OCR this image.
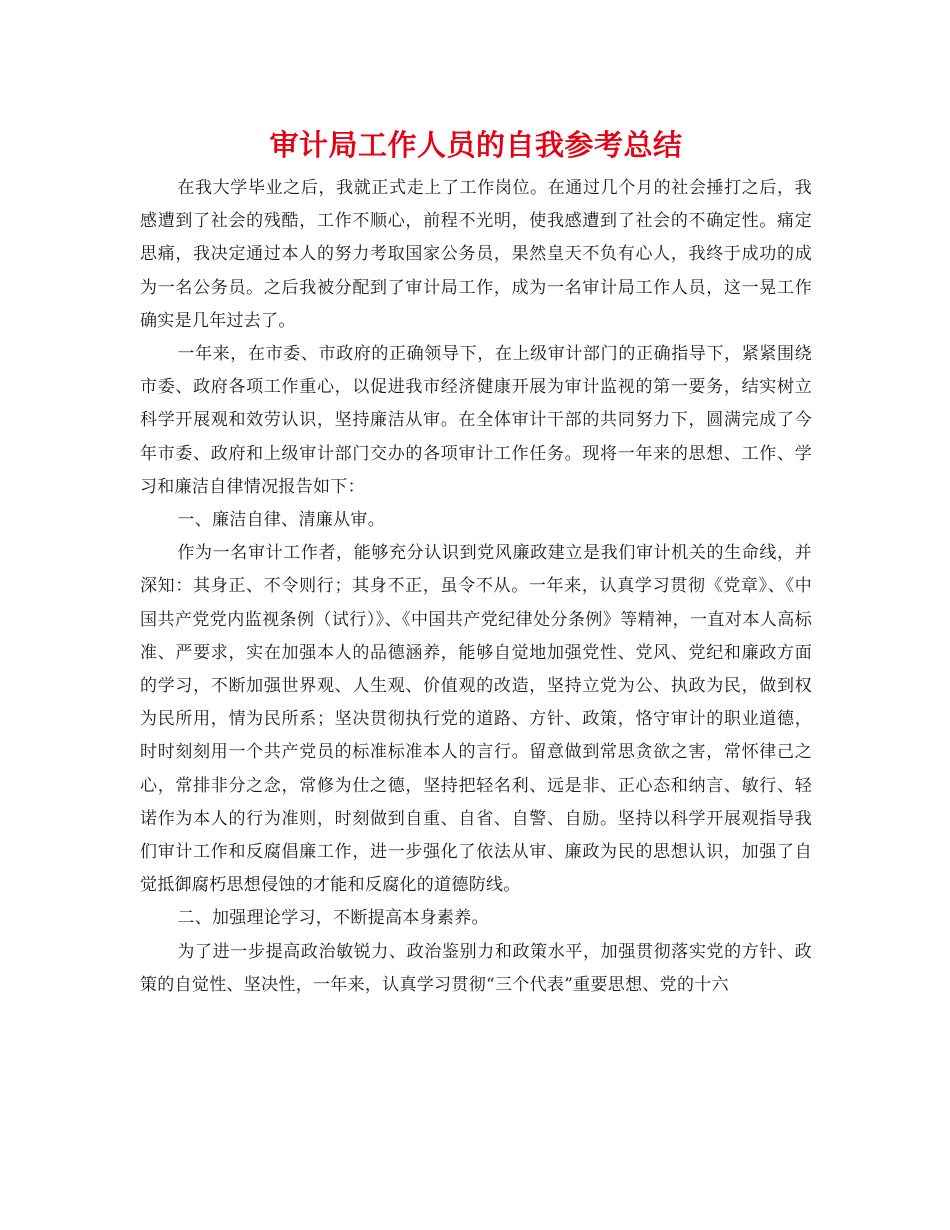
审计局工作人员的自我参考总结

在我大学毕业之后，我就正式走上了工作岗位。在通过几个月的社会捶打之后，我感遭到了社会的残酷，工作不顺心，前程不光明，使我感遭到了社会的不确定性。痛定思痛，我决定通过本人的努力考取国家公务员，果然皇天不负有心人，我终于成功的成为一名公务员。之后我被分配到了审计局工作，成为一名审计局工作人员，这一晃工作确实是几年过去了。

一年来，在市委、市政府的正确领导下，在上级审计部门的正确指导下，紧紧围绕市委、政府各项工作重心，以促进我市经济健康开展为审计监视的第一要务，结实树立科学开展观和效劳认识，坚持廉洁从审。在全体审计干部的共同努力下，圆满完成了今年市委、政府和上级审计部门交办的各项审计工作任务。现将一年来的思想、工作、学习和廉洁自律情况报告如下：

一、廉洁自律、清廉从审。

作为一名审计工作者，能够充分认识到党风廉政建立是我们审计机关的生命线，并深知：其身正、不令则行；其身不正，虽令不从。一年来，认真学习贯彻《党章》、《中国共产党党内监视条例（试行）》、《中国共产党纪律处分条例》等精神，一直对本人高标准、严要求，实在加强本人的品德涵养，能够自觉地加强党性、党风、党纪和廉政方面的学习，不断加强世界观、人生观、价值观的改造，坚持立党为公、执政为民，做到权为民所用，情为民所系；坚决贯彻执行党的道路、方针、政策，恪守审计的职业道德，时时刻刻用一个共产党员的标准标准本人的言行。留意做到常思贪欲之害，常怀律己之心，常排非分之念，常修为仕之德，坚持把轻名利、远是非、正心态和纳言、敏行、轻诺作为本人的行为准则，时刻做到自重、自省、自警、自励。坚持以科学开展观指导我们审计工作和反腐倡廉工作，进一步强化了依法从审、廉政为民的思想认识，加强了自觉抵御腐朽思想侵蚀的才能和反腐化的道德防线。

二、加强理论学习，不断提高本身素养。

为了进一步提高政治敏锐力、政治鉴别力和政策水平，加强贯彻落实党的方针、政策的自觉性、坚决性，一年来，认真学习贯彻“三个代表”重要思想、党的十六
